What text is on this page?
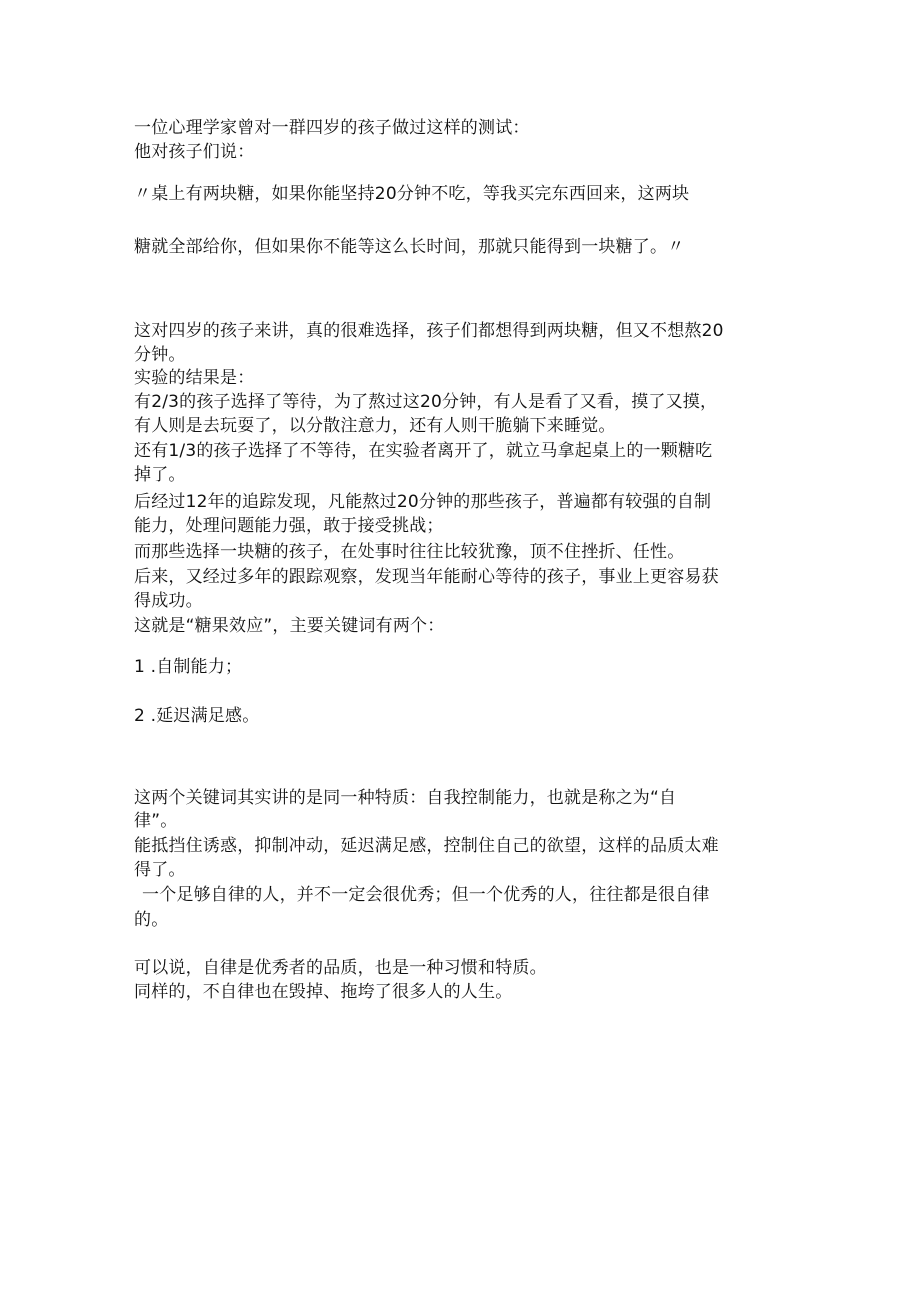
一位心理学家曾对一群四岁的孩子做过这样的测试：
他对孩子们说：
〃桌上有两块糖，如果你能坚持20分钟不吃，等我买完东西回来，这两块
糖就全部给你，但如果你不能等这么长时间，那就只能得到一块糖了。〃
这对四岁的孩子来讲，真的很难选择，孩子们都想得到两块糖，但又不想熬20
分钟。
实验的结果是：
有2/3的孩子选择了等待，为了熬过这20分钟，有人是看了又看，摸了又摸，
有人则是去玩耍了，以分散注意力，还有人则干脆躺下来睡觉。
还有1/3的孩子选择了不等待，在实验者离开了，就立马拿起桌上的一颗糖吃
掉了。
后经过12年的追踪发现，凡能熬过20分钟的那些孩子，普遍都有较强的自制
能力，处理问题能力强，敢于接受挑战；
而那些选择一块糖的孩子，在处事时往往比较犹豫，顶不住挫折、任性。
后来，又经过多年的跟踪观察，发现当年能耐心等待的孩子，事业上更容易获
得成功。
这就是“糖果效应”，主要关键词有两个：
1 .自制能力；
2 .延迟满足感。
这两个关键词其实讲的是同一种特质：自我控制能力，也就是称之为“自
律”。
能抵挡住诱惑，抑制冲动，延迟满足感，控制住自己的欲望，这样的品质太难
得了。
一个足够自律的人，并不一定会很优秀；但一个优秀的人，往往都是很自律
的。
可以说，自律是优秀者的品质，也是一种习惯和特质。
同样的，不自律也在毁掉、拖垮了很多人的人生。
